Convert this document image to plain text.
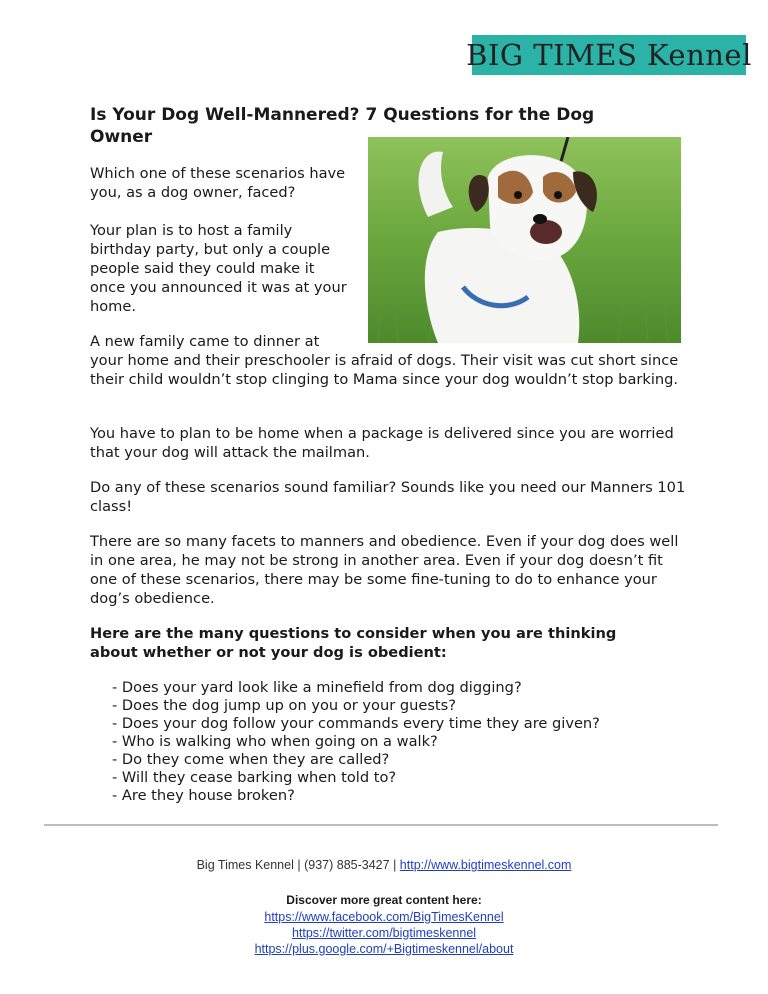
BIG TIMES Kennel
Is Your Dog Well-Mannered? 7 Questions for the Dog Owner

Which one of these scenarios have you, as a dog owner, faced?

Your plan is to host a family birthday party, but only a couple people said they could make it once you announced it was at your home.

A new family came to dinner at
your home and their preschooler is afraid of dogs. Their visit was cut short since their child wouldn’t stop clinging to Mama since your dog wouldn’t stop barking.

You have to plan to be home when a package is delivered since you are worried that your dog will attack the mailman.

Do any of these scenarios sound familiar? Sounds like you need our Manners 101 class!

There are so many facets to manners and obedience. Even if your dog does well in one area, he may not be strong in another area. Even if your dog doesn’t fit one of these scenarios, there may be some fine-tuning to do to enhance your dog’s obedience.

Here are the many questions to consider when you are thinking about whether or not your dog is obedient:

- Does your yard look like a minefield from dog digging?
- Does the dog jump up on you or your guests?
- Does your dog follow your commands every time they are given?
- Who is walking who when going on a walk?
- Do they come when they are called?
- Will they cease barking when told to?
- Are they house broken?
Big Times Kennel | (937) 885-3427 | http://www.bigtimeskennel.com
Discover more great content here:
https://www.facebook.com/BigTimesKennel
https://twitter.com/bigtimeskennel
https://plus.google.com/+Bigtimeskennel/about
